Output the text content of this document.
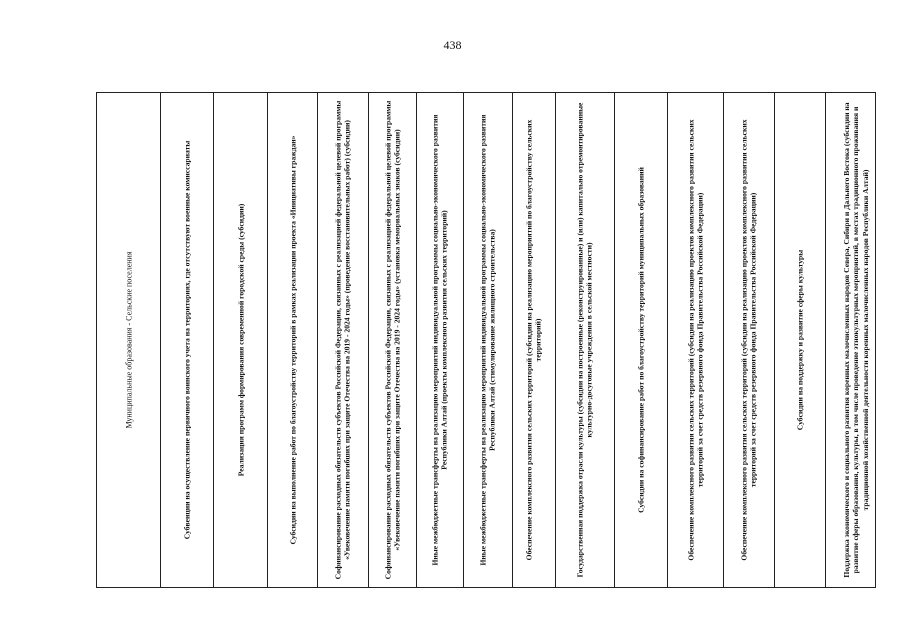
438
Муниципальные образования - Сельские поселения	Субвенции на осуществление первичного воинского учета на территориях, где отсутствуют военные комиссариаты	Реализация программ формирования современной городской среды (субсидии)	Субсидии на выполнение работ по благоустройству территорий в рамках реализации проекта «Инициативы граждан»	Софинансирование расходных обязательств субъектов Российской Федерации, связанных с реализацией федеральной целевой программы «Увековечение памяти погибших при защите Отечества на 2019 - 2024 годы» (проведение восстановительных работ) (субсидии)	Софинансирование расходных обязательств субъектов Российской Федерации, связанных с реализацией федеральной целевой программы «Увековечение памяти погибших при защите Отечества на 2019 - 2024 годы» (установка мемориальных знаков (субсидии)	Иные межбюджетные трансферты на реализацию мероприятий индивидуальной программы социально-экономического развития Республики Алтай (проекты комплексного развития сельских территорий)	Иные межбюджетные трансферты на реализацию мероприятий индивидуальной программы социально-экономического развития Республики Алтай (стимулирование жилищного строительства)	Обеспечение комплексного развития сельских территорий (субсидии на реализацию мероприятий по благоустройству сельских территорий)	Государственная поддержка отрасли культуры (субсидии на построенные (реконструированные) и (или) капитально отремонтированные культурно-досуговые учреждения в сельской местности)	Субсидии на софинансирование работ по благоустройству территорий муниципальных образований	Обеспечение комплексного развития сельских территорий (субсидии на реализацию проектов комплексного развития сельских территорий за счет средств резервного фонда Правительства Российской Федерации)	Обеспечение комплексного развития сельских территорий (субсидии на реализацию проектов комплексного развития сельских территорий за счет средств резервного фонда Правительства Российской Федерации)	Субсидии на поддержку и развитие сферы культуры	Поддержка экономического и социального развития коренных малочисленных народов Севера, Сибири и Дальнего Востока (субсидии на развитие сферы образования, культуры, в том числе проведение этнокультурных мероприятий, в местах традиционного проживания и традиционной хозяйственной деятельности коренных малочисленных народов Республики Алтай)
